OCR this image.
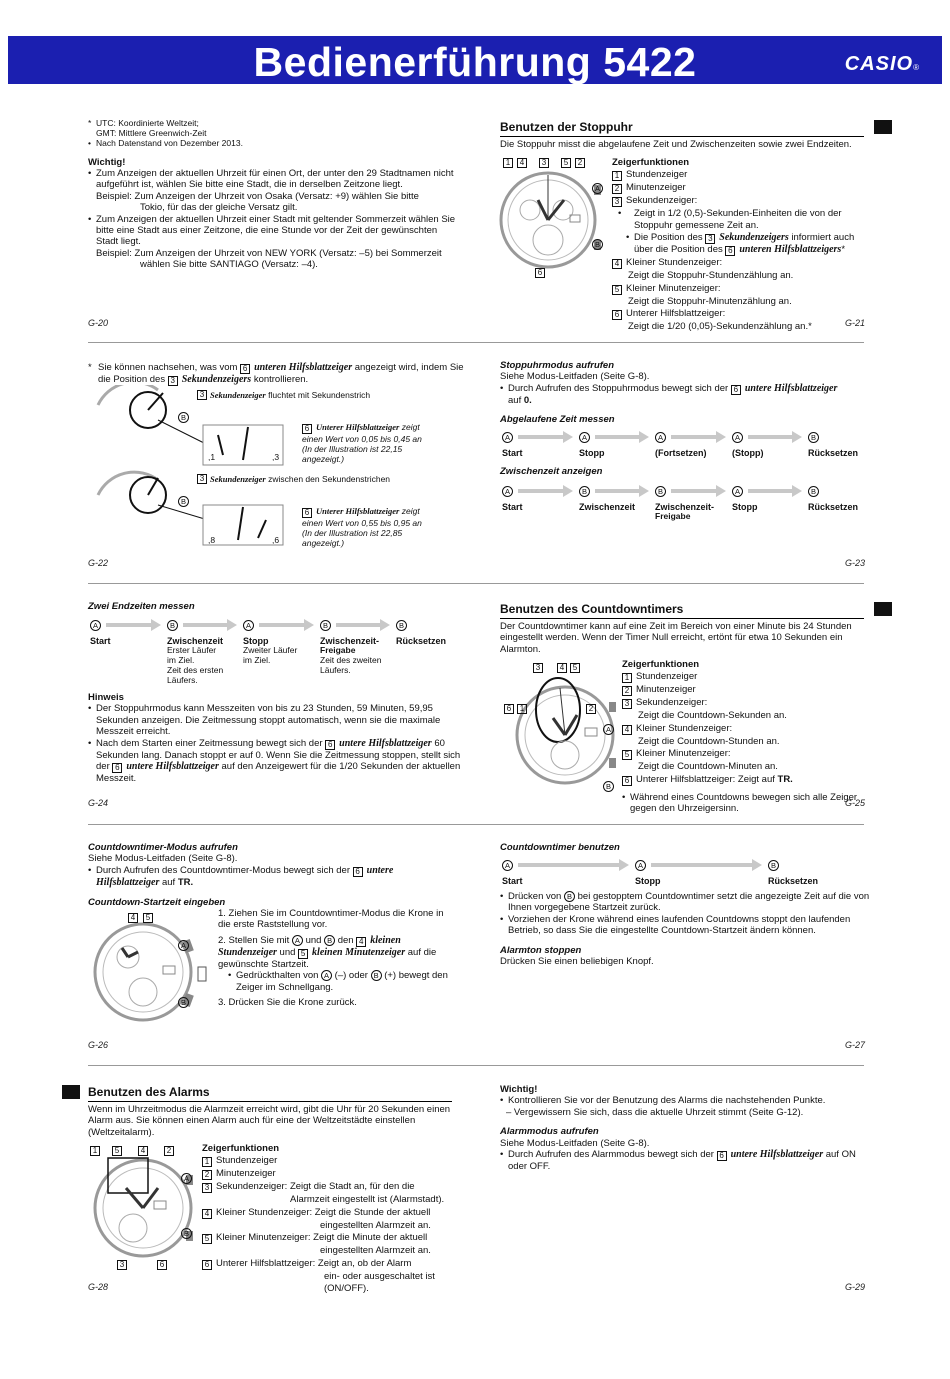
Bedienerführung 5422	CASIO®
* UTC: Koordinierte Weltzeit;
GMT: Mittlere Greenwich-Zeit
• Nach Datenstand von Dezember 2013.
Wichtig!
• Zum Anzeigen der aktuellen Uhrzeit für einen Ort, der unter den 29 Stadtnamen nicht aufgeführt ist, wählen Sie bitte eine Stadt, die in derselben Zeitzone liegt.
Beispiel: Zum Anzeigen der Uhrzeit von Osaka (Versatz: +9) wählen Sie bitte
Tokio, für das der gleiche Versatz gilt.
• Zum Anzeigen der aktuellen Uhrzeit einer Stadt mit geltender Sommerzeit wählen Sie bitte eine Stadt aus einer Zeitzone, die eine Stunde vor der Zeit der gewünschten Stadt liegt.
Beispiel: Zum Anzeigen der Uhrzeit von NEW YORK (Versatz: –5) bei Sommerzeit
wählen Sie bitte SANTIAGO (Versatz: –4).
G-20
Benutzen der Stoppuhr
Die Stoppuhr misst die abgelaufene Zeit und Zwischenzeiten sowie zwei Endzeiten.
1 4 3 5 2
A
B
6
Zeigerfunktionen
1 Stundenzeiger
2 Minutenzeiger
3 Sekundenzeiger:
• Zeigt in 1/2 (0,5)-Sekunden-Einheiten die von der Stoppuhr gemessene Zeit an.
• Die Position des 3 Sekundenzeigers informiert auch über die Position des 6 unteren Hilfsblattzeigers*
4 Kleiner Stundenzeiger:
Zeigt die Stoppuhr-Stundenzählung an.
5 Kleiner Minutenzeiger:
Zeigt die Stoppuhr-Minutenzählung an.
6 Unterer Hilfsblattzeiger:
Zeigt die 1/20 (0,05)-Sekundenzählung an.*	G-21
* Sie können nachsehen, was vom 6 unteren Hilfsblattzeiger angezeigt wird, indem Sie die Position des 3 Sekundenzeigers kontrollieren.
3 Sekundenzeiger fluchtet mit Sekundenstrich
B
,1	,3
6 Unterer Hilfsblattzeiger zeigt einen Wert von 0,05 bis 0,45 an (In der Illustration ist 22,15 angezeigt.)
3 Sekundenzeiger zwischen den Sekundenstrichen
B
,8	,6
6 Unterer Hilfsblattzeiger zeigt einen Wert von 0,55 bis 0,95 an (In der Illustration ist 22,85 angezeigt.)
G-22
Stoppuhrmodus aufrufen
Siehe Modus-Leitfaden (Seite G-8).
• Durch Aufrufen des Stoppuhrmodus bewegt sich der 6 untere Hilfsblattzeiger
auf 0.
Abgelaufene Zeit messen
A
Start
A
Stopp
A
(Fortsetzen)
A
(Stopp)
B
Rücksetzen
Zwischenzeit anzeigen
A
Start
B
Zwischenzeit
B
Zwischenzeit-
Freigabe
A
Stopp
B
Rücksetzen
G-23
Zwei Endzeiten messen
A
Start
B
Zwischenzeit
Erster Läufer
im Ziel.
Zeit des ersten
Läufers.
A
Stopp
Zweiter Läufer
im Ziel.
B
Zwischenzeit-
Freigabe
Zeit des zweiten
Läufers.
B
Rücksetzen
Hinweis
• Der Stoppuhrmodus kann Messzeiten von bis zu 23 Stunden, 59 Minuten, 59,95 Sekunden anzeigen. Die Zeitmessung stoppt automatisch, wenn sie die maximale Messzeit erreicht.
• Nach dem Starten einer Zeitmessung bewegt sich der 6 untere Hilfsblattzeiger 60 Sekunden lang. Danach stoppt er auf 0. Wenn Sie die Zeitmessung stoppen, stellt sich der 6 untere Hilfsblattzeiger auf den Anzeigewert für die 1/20 Sekunden der aktuellen Messzeit.
G-24
Benutzen des Countdowntimers
Der Countdowntimer kann auf eine Zeit im Bereich von einer Minute bis 24 Stunden eingestellt werden. Wenn der Timer Null erreicht, ertönt für etwa 10 Sekunden ein Alarmton.
3	4	5
6	1	2
A
B
Zeigerfunktionen
1 Stundenzeiger
2 Minutenzeiger
3 Sekundenzeiger:
Zeigt die Countdown-Sekunden an.
4 Kleiner Stundenzeiger:
Zeigt die Countdown-Stunden an.
5 Kleiner Minutenzeiger:
Zeigt die Countdown-Minuten an.
6 Unterer Hilfsblattzeiger: Zeigt auf TR.
• Während eines Countdowns bewegen sich alle Zeiger gegen den Uhrzeigersinn.	G-25
Countdowntimer-Modus aufrufen
Siehe Modus-Leitfaden (Seite G-8).
• Durch Aufrufen des Countdowntimer-Modus bewegt sich der 6 untere Hilfsblattzeiger auf TR.
Countdown-Startzeit eingeben
4	5
A
B
1. Ziehen Sie im Countdowntimer-Modus die Krone in die erste Raststellung vor.
2. Stellen Sie mit A und B den 4 kleinen Stundenzeiger und 5 kleinen Minutenzeiger auf die gewünschte Startzeit.
• Gedrückthalten von A (–) oder B (+) bewegt den Zeiger im Schnellgang.
3. Drücken Sie die Krone zurück.
G-26
Countdowntimer benutzen
A
Start
A
Stopp
B
Rücksetzen
• Drücken von B bei gestopptem Countdowntimer setzt die angezeigte Zeit auf die von Ihnen vorgegebene Startzeit zurück.
• Vorziehen der Krone während eines laufenden Countdowns stoppt den laufenden Betrieb, so dass Sie die eingestellte Countdown-Startzeit ändern können.
Alarmton stoppen
Drücken Sie einen beliebigen Knopf.
G-27
Benutzen des Alarms
Wenn im Uhrzeitmodus die Alarmzeit erreicht wird, gibt die Uhr für 20 Sekunden einen Alarm aus. Sie können einen Alarm auch für eine der Weltzeitstädte einstellen (Weltzeitalarm).
1	5	4	2
A
B
3	6
Zeigerfunktionen
1 Stundenzeiger
2 Minutenzeiger
3 Sekundenzeiger: Zeigt die Stadt an, für den die
Alarmzeit eingestellt ist (Alarmstadt).
4 Kleiner Stundenzeiger: Zeigt die Stunde der aktuell
eingestellten Alarmzeit an.
5 Kleiner Minutenzeiger: Zeigt die Minute der aktuell
eingestellten Alarmzeit an.
6 Unterer Hilfsblattzeiger: Zeigt an, ob der Alarm
ein- oder ausgeschaltet ist
(ON/OFF).
G-28
Wichtig!
• Kontrollieren Sie vor der Benutzung des Alarms die nachstehenden Punkte.
– Vergewissern Sie sich, dass die aktuelle Uhrzeit stimmt (Seite G-12).
Alarmmodus aufrufen
Siehe Modus-Leitfaden (Seite G-8).
• Durch Aufrufen des Alarmmodus bewegt sich der 6 untere Hilfsblattzeiger auf ON oder OFF.
G-29
